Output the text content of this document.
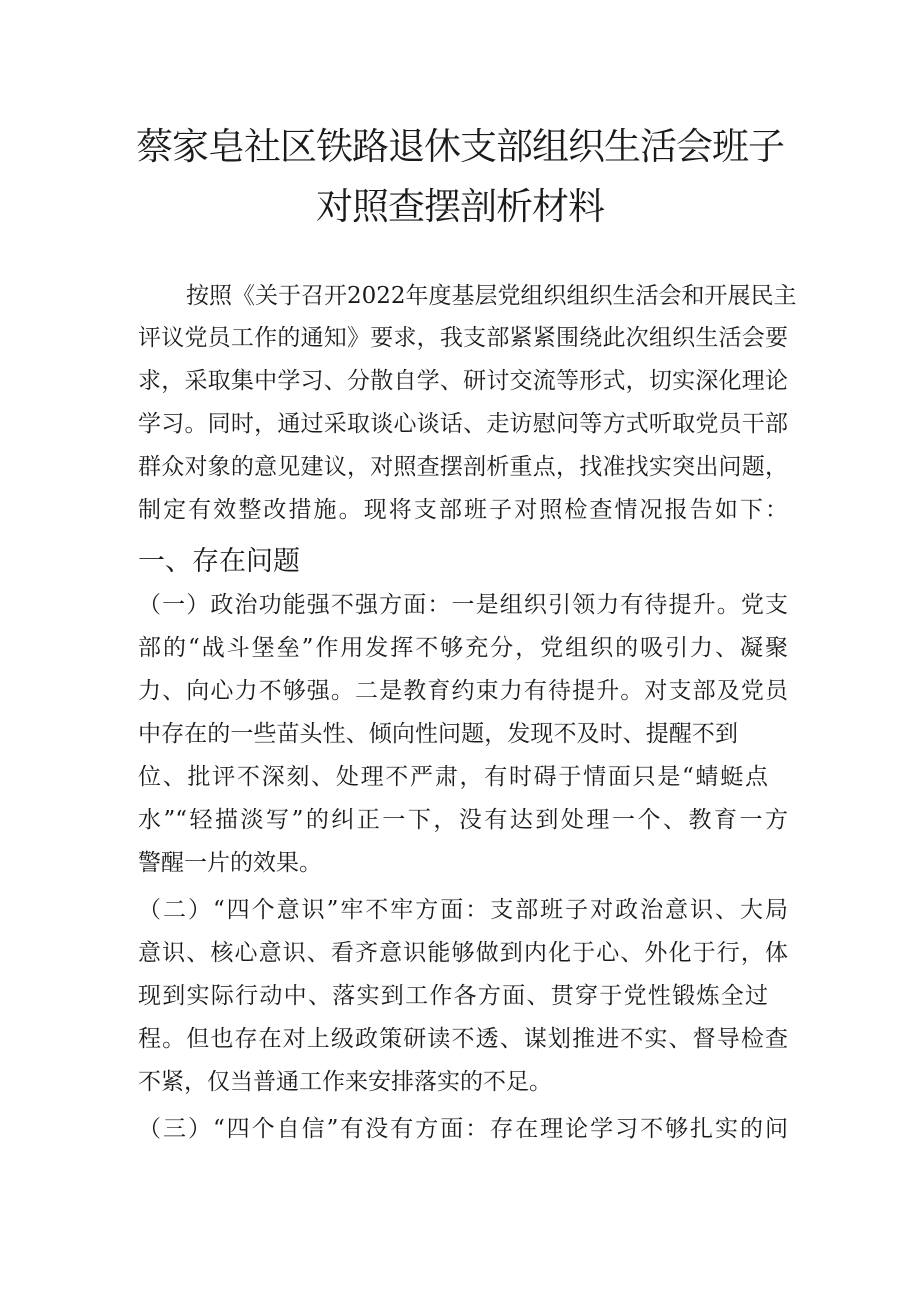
蔡家皂社区铁路退休支部组织生活会班子
对照查摆剖析材料
按照《关于召开2022年度基层党组织组织生活会和开展民主
评议党员工作的通知》要求，我支部紧紧围绕此次组织生活会要
求，采取集中学习、分散自学、研讨交流等形式，切实深化理论
学习。同时，通过采取谈心谈话、走访慰问等方式听取党员干部
群众对象的意见建议，对照查摆剖析重点，找准找实突出问题，
制定有效整改措施。现将支部班子对照检查情况报告如下：
一、存在问题
（一）政治功能强不强方面：一是组织引领力有待提升。党支
部的“战斗堡垒”作用发挥不够充分，党组织的吸引力、凝聚
力、向心力不够强。二是教育约束力有待提升。对支部及党员
中存在的一些苗头性、倾向性问题，发现不及时、提醒不到
位、批评不深刻、处理不严肃，有时碍于情面只是“蜻蜓点
水”“轻描淡写”的纠正一下，没有达到处理一个、教育一方
警醒一片的效果。
（二）“四个意识”牢不牢方面：支部班子对政治意识、大局
意识、核心意识、看齐意识能够做到内化于心、外化于行，体
现到实际行动中、落实到工作各方面、贯穿于党性锻炼全过
程。但也存在对上级政策研读不透、谋划推进不实、督导检查
不紧，仅当普通工作来安排落实的不足。
（三）“四个自信”有没有方面：存在理论学习不够扎实的问
